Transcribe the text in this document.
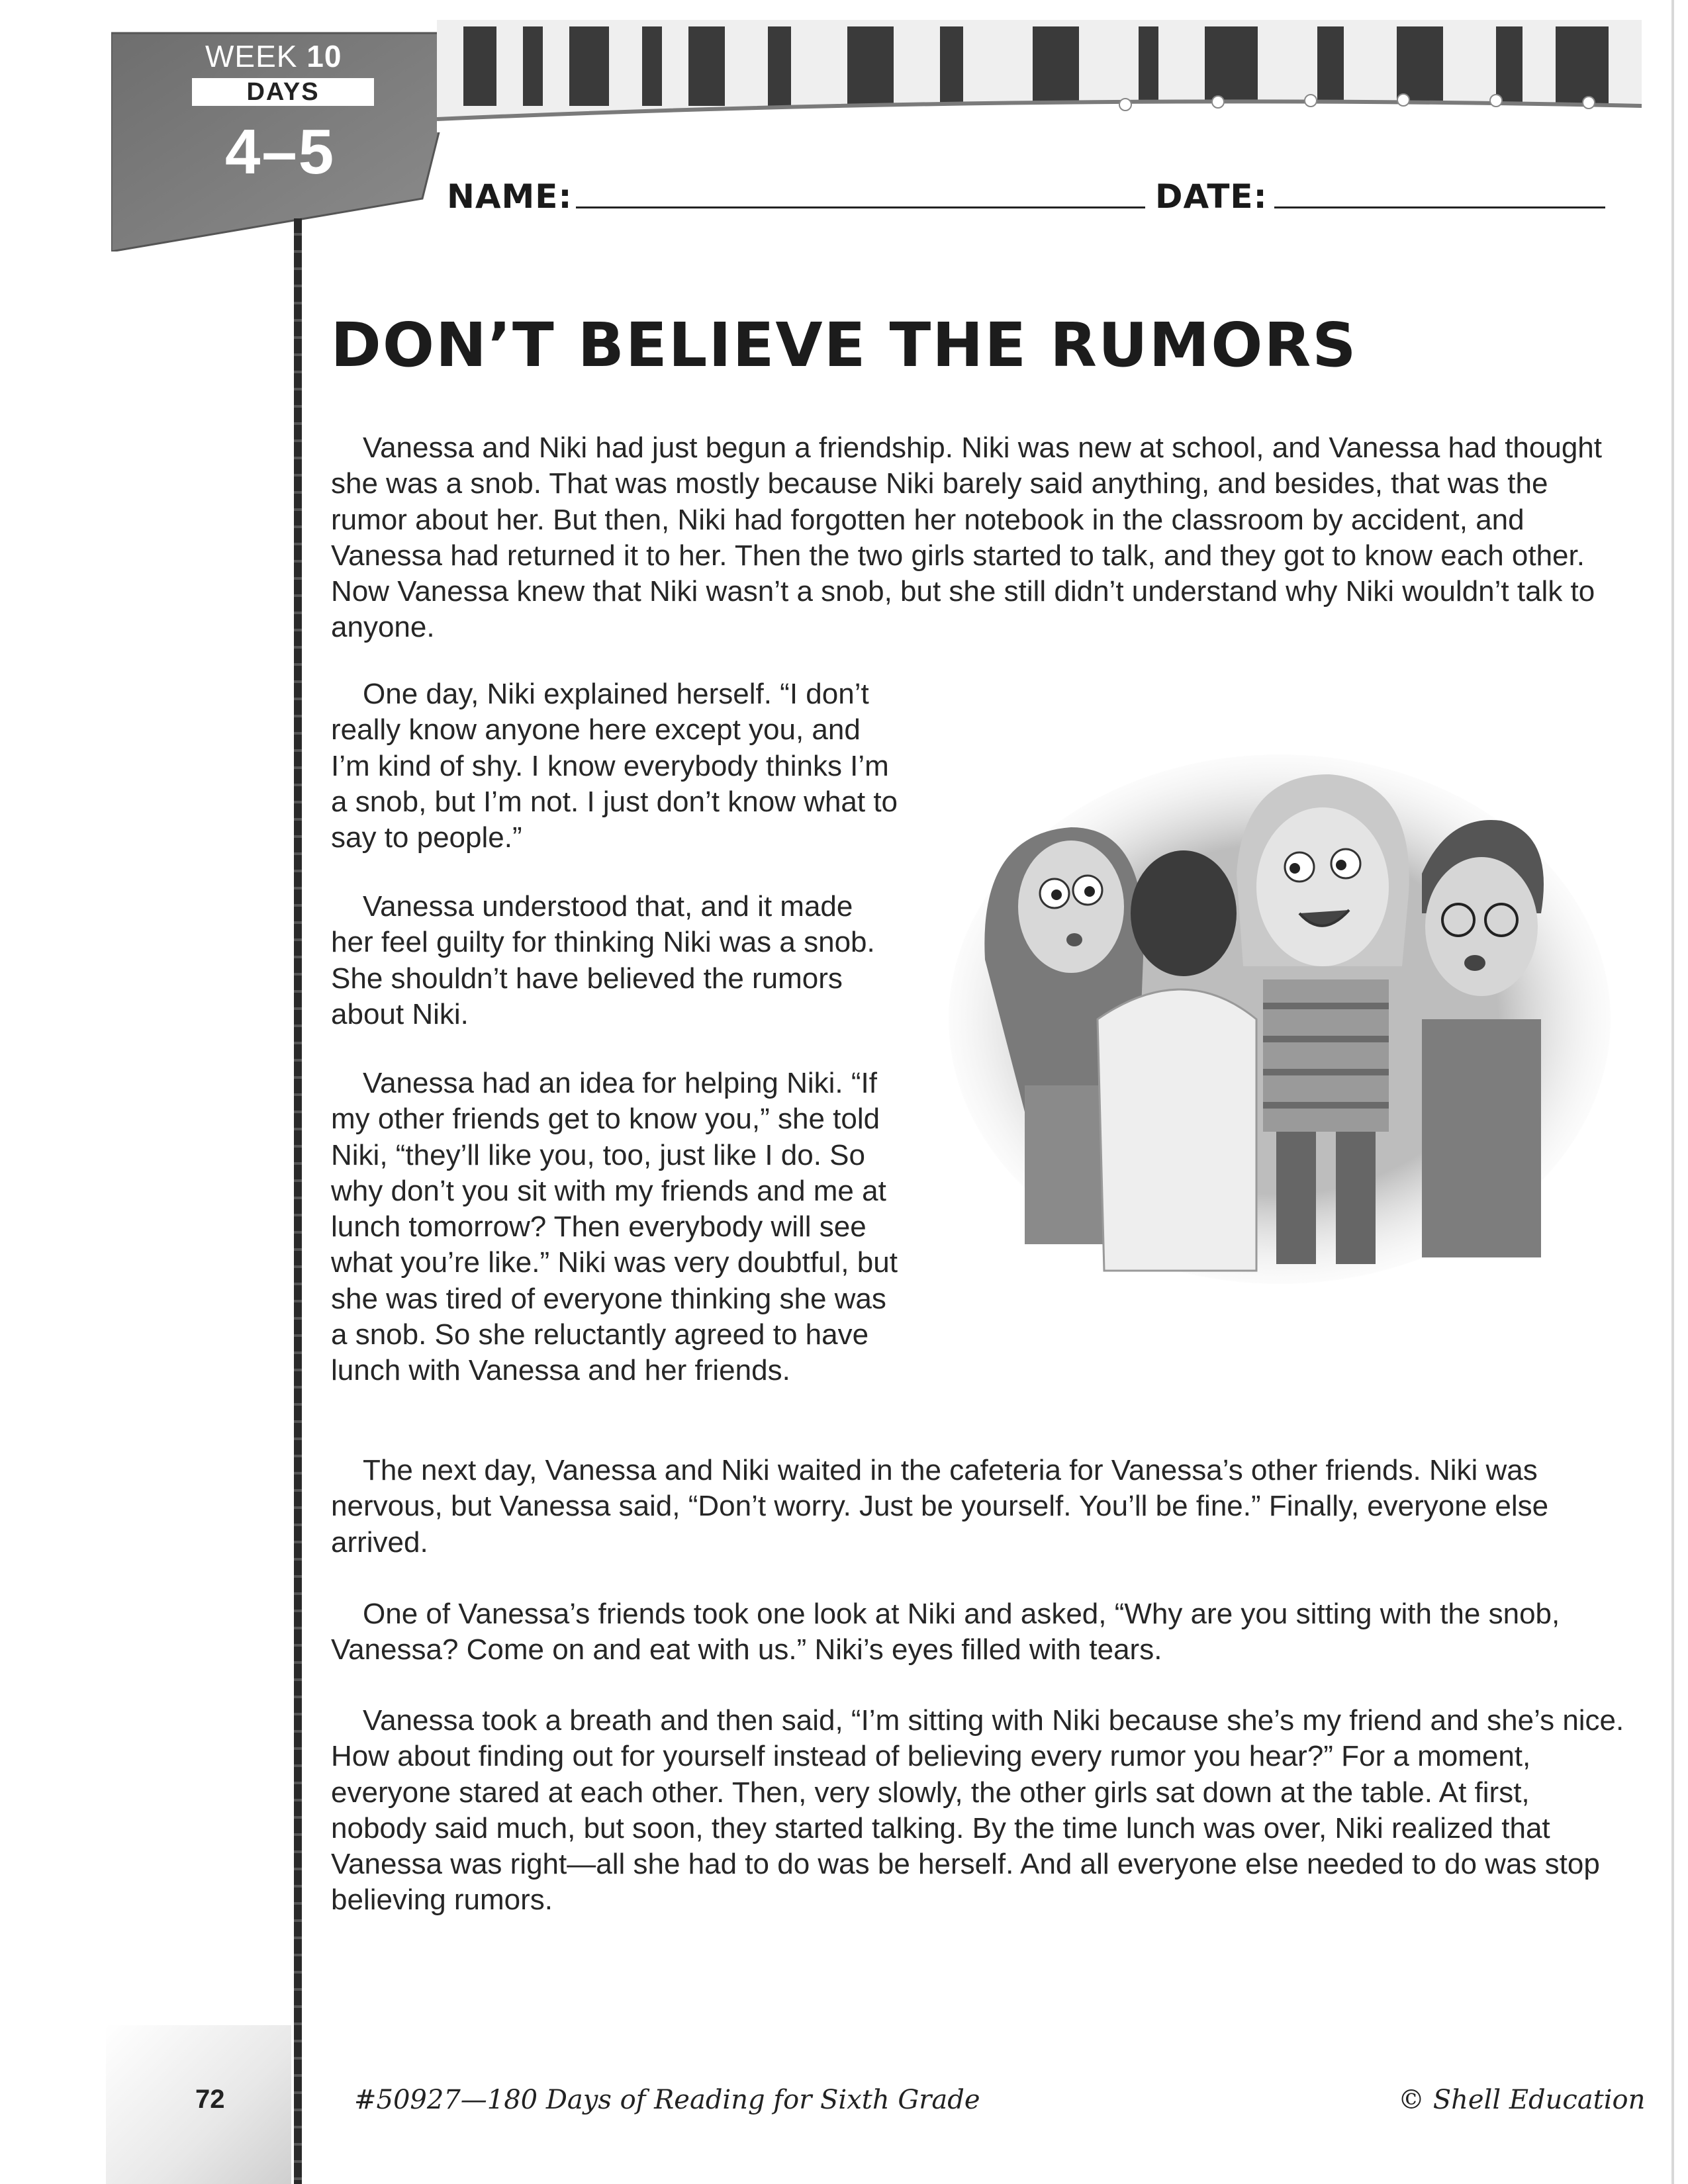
WEEK 10
DAYS
4–5
NAME:	DATE:
DON’T BELIEVE THE RUMORS

Vanessa and Niki had just begun a friendship. Niki was new at school, and Vanessa had thought she was a snob. That was mostly because Niki barely said anything, and besides, that was the rumor about her. But then, Niki had forgotten her notebook in the classroom by accident, and Vanessa had returned it to her. Then the two girls started to talk, and they got to know each other. Now Vanessa knew that Niki wasn’t a snob, but she still didn’t understand why Niki wouldn’t talk to anyone.

One day, Niki explained herself. “I don’t really know anyone here except you, and I’m kind of shy. I know everybody thinks I’m a snob, but I’m not. I just don’t know what to say to people.”

Vanessa understood that, and it made her feel guilty for thinking Niki was a snob. She shouldn’t have believed the rumors about Niki.

Vanessa had an idea for helping Niki. “If my other friends get to know you,” she told Niki, “they’ll like you, too, just like I do. So why don’t you sit with my friends and me at lunch tomorrow? Then everybody will see what you’re like.” Niki was very doubtful, but she was tired of everyone thinking she was a snob. So she reluctantly agreed to have lunch with Vanessa and her friends.

The next day, Vanessa and Niki waited in the cafeteria for Vanessa’s other friends. Niki was nervous, but Vanessa said, “Don’t worry. Just be yourself. You’ll be fine.” Finally, everyone else arrived.

One of Vanessa’s friends took one look at Niki and asked, “Why are you sitting with the snob, Vanessa? Come on and eat with us.” Niki’s eyes filled with tears.

Vanessa took a breath and then said, “I’m sitting with Niki because she’s my friend and she’s nice. How about finding out for yourself instead of believing every rumor you hear?” For a moment, everyone stared at each other. Then, very slowly, the other girls sat down at the table. At first, nobody said much, but soon, they started talking. By the time lunch was over, Niki realized that Vanessa was right—all she had to do was be herself. And all everyone else needed to do was stop believing rumors.

72	#50927—180 Days of Reading for Sixth Grade	© Shell Education
